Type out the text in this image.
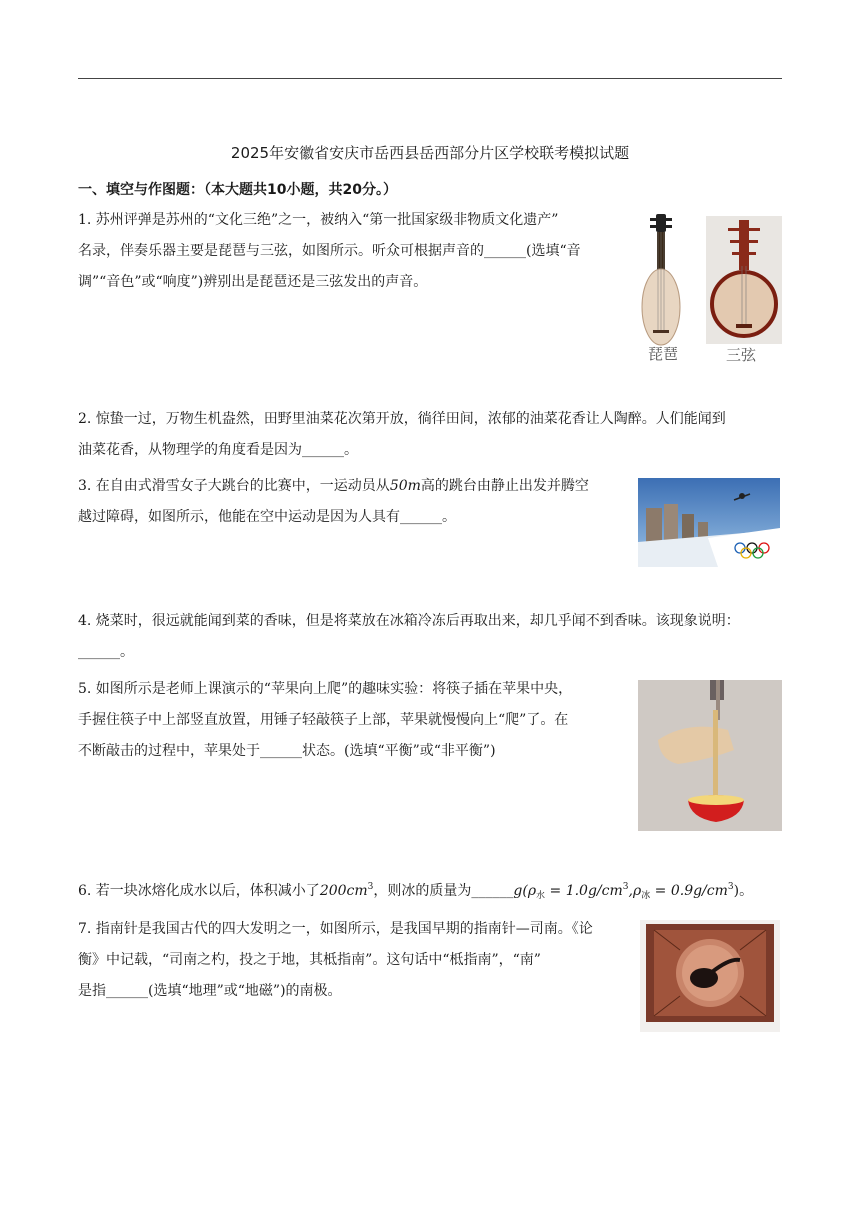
2025年安徽省安庆市岳西县岳西部分片区学校联考模拟试题
一、填空与作图题：（本大题共10小题，共20分。）

1. 苏州评弹是苏州的“文化三绝”之一，被纳入“第一批国家级非物质文化遗产”

名录，伴奏乐器主要是琵琶与三弦，如图所示。听众可根据声音的______(选填“音

调”“音色”或“响度”)辨别出是琵琶还是三弦发出的声音。

琵琶	三弦

2. 惊蛰一过，万物生机盎然，田野里油菜花次第开放，徜徉田间，浓郁的油菜花香让人陶醉。人们能闻到

油菜花香，从物理学的角度看是因为______。

3. 在自由式滑雪女子大跳台的比赛中，一运动员从50m高的跳台由静止出发并腾空

越过障碍，如图所示，他能在空中运动是因为人具有______。

4. 烧菜时，很远就能闻到菜的香味，但是将菜放在冰箱冷冻后再取出来，却几乎闻不到香味。该现象说明：

______。

5. 如图所示是老师上课演示的“苹果向上爬”的趣味实验：将筷子插在苹果中央，

手握住筷子中上部竖直放置，用锤子轻敲筷子上部，苹果就慢慢向上“爬”了。在

不断敲击的过程中，苹果处于______状态。(选填“平衡”或“非平衡”)

6. 若一块冰熔化成水以后，体积减小了$200cm^3$，则冰的质量为$\_\_\_\_\_\_g(\rho_水 = 1.0g/cm^3,\rho_冰 = 0.9g/cm^3)$。

7. 指南针是我国古代的四大发明之一，如图所示，是我国早期的指南针—司南。《论

衡》中记载，“司南之杓，投之于地，其柢指南”。这句话中“柢指南”，“南”

是指______(选填“地理”或“地磁”)的南极。
